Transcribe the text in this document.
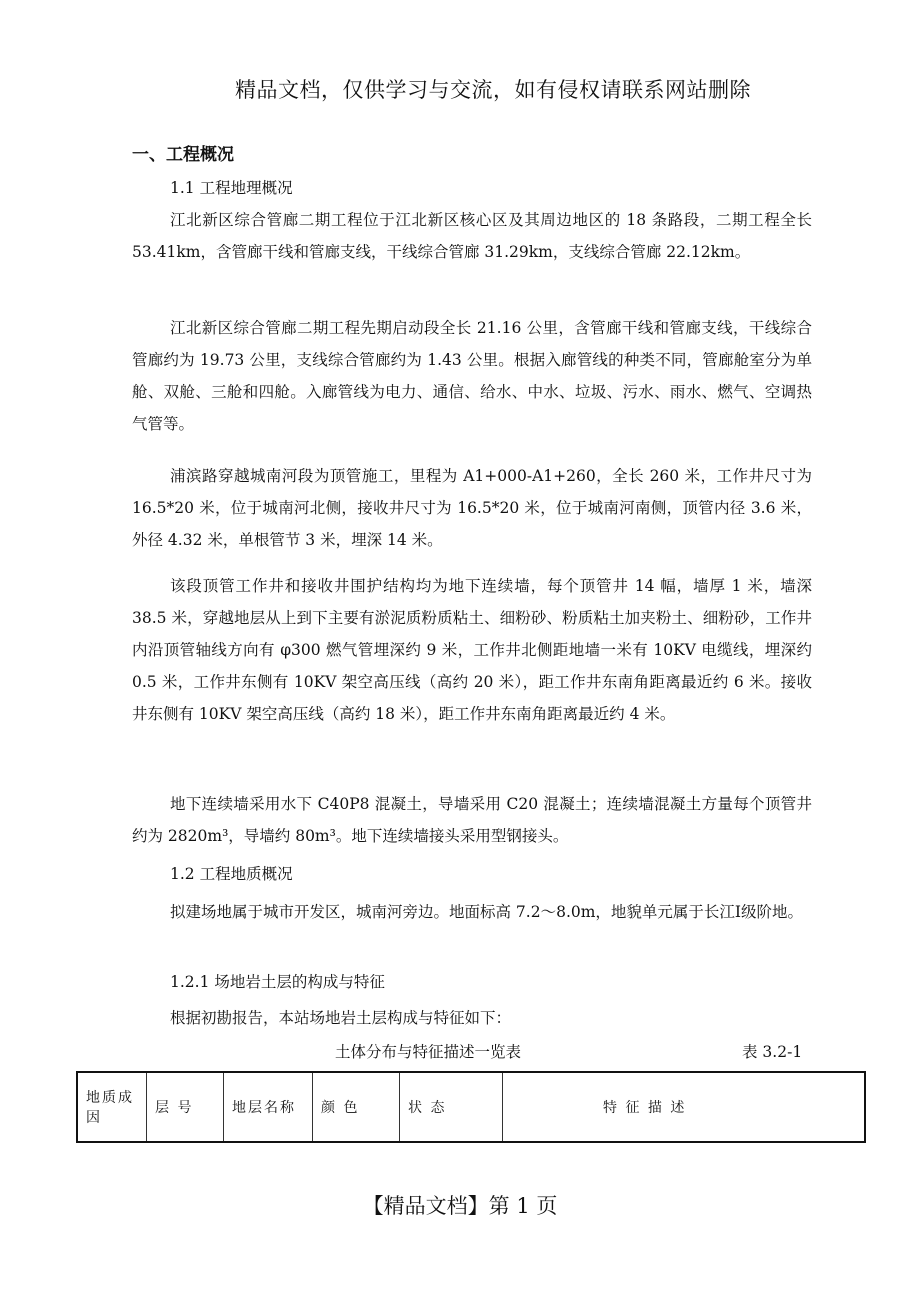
精品文档，仅供学习与交流，如有侵权请联系网站删除
一、工程概况
1.1 工程地理概况

江北新区综合管廊二期工程位于江北新区核心区及其周边地区的 18 条路段，二期工程全长 53.41km，含管廊干线和管廊支线，干线综合管廊 31.29km，支线综合管廊 22.12km。

江北新区综合管廊二期工程先期启动段全长 21.16 公里，含管廊干线和管廊支线，干线综合管廊约为 19.73 公里，支线综合管廊约为 1.43 公里。根据入廊管线的种类不同，管廊舱室分为单舱、双舱、三舱和四舱。入廊管线为电力、通信、给水、中水、垃圾、污水、雨水、燃气、空调热气管等。

浦滨路穿越城南河段为顶管施工，里程为 A1+000-A1+260，全长 260 米，工作井尺寸为 16.5*20 米，位于城南河北侧，接收井尺寸为 16.5*20 米，位于城南河南侧，顶管内径 3.6 米，外径 4.32 米，单根管节 3 米，埋深 14 米。

该段顶管工作井和接收井围护结构均为地下连续墙，每个顶管井 14 幅，墙厚 1 米，墙深 38.5 米，穿越地层从上到下主要有淤泥质粉质粘土、细粉砂、粉质粘土加夹粉土、细粉砂，工作井内沿顶管轴线方向有 φ300 燃气管埋深约 9 米，工作井北侧距地墙一米有 10KV 电缆线，埋深约 0.5 米，工作井东侧有 10KV 架空高压线（高约 20 米），距工作井东南角距离最近约 6 米。接收井东侧有 10KV 架空高压线（高约 18 米），距工作井东南角距离最近约 4 米。

地下连续墙采用水下 C40P8 混凝土，导墙采用 C20 混凝土；连续墙混凝土方量每个顶管井约为 2820m³，导墙约 80m³。地下连续墙接头采用型钢接头。

1.2 工程地质概况

拟建场地属于城市开发区，城南河旁边。地面标高 7.2～8.0m，地貌单元属于长江Ⅰ级阶地。

1.2.1 场地岩土层的构成与特征

根据初勘报告，本站场地岩土层构成与特征如下：

土体分布与特征描述一览表	表 3.2-1
地质成因	层 号	地层名称	颜 色	状 态	特 征 描 述
【精品文档】第 1 页
